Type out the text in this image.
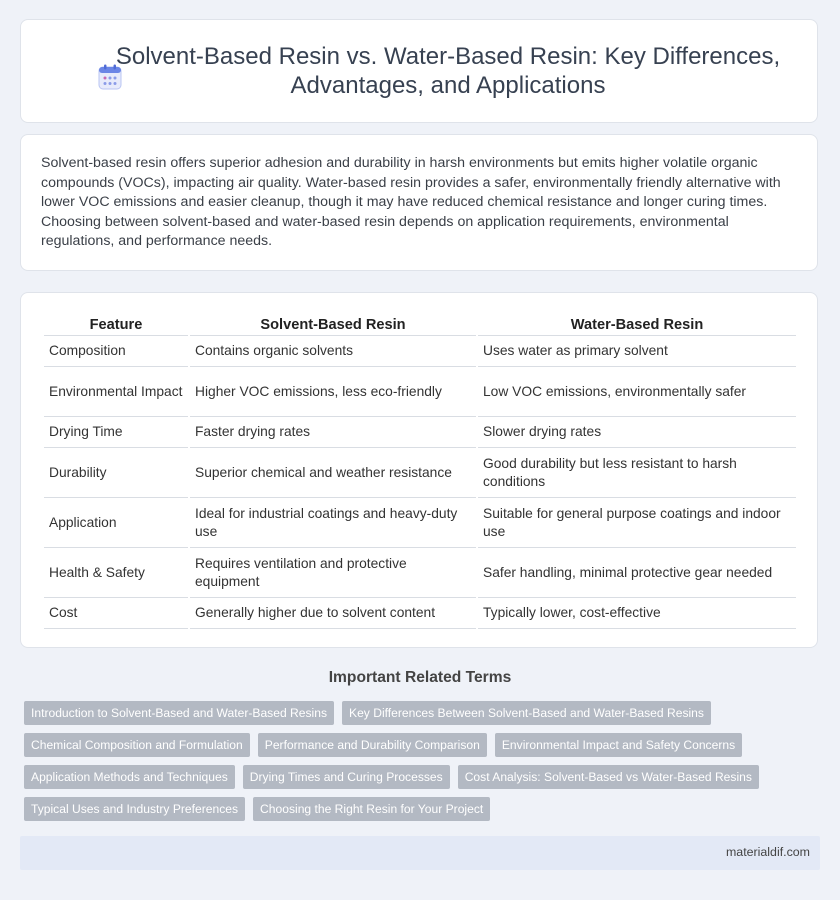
Solvent-Based Resin vs. Water-Based Resin: Key Differences, Advantages, and Applications

Solvent-based resin offers superior adhesion and durability in harsh environments but emits higher volatile organic compounds (VOCs), impacting air quality. Water-based resin provides a safer, environmentally friendly alternative with lower VOC emissions and easier cleanup, though it may have reduced chemical resistance and longer curing times. Choosing between solvent-based and water-based resin depends on application requirements, environmental regulations, and performance needs.

Feature	Solvent-Based Resin	Water-Based Resin
Composition	Contains organic solvents	Uses water as primary solvent
Environmental Impact	Higher VOC emissions, less eco-friendly	Low VOC emissions, environmentally safer
Drying Time	Faster drying rates	Slower drying rates
Durability	Superior chemical and weather resistance	Good durability but less resistant to harsh conditions
Application	Ideal for industrial coatings and heavy-duty use	Suitable for general purpose coatings and indoor use
Health & Safety	Requires ventilation and protective equipment	Safer handling, minimal protective gear needed
Cost	Generally higher due to solvent content	Typically lower, cost-effective
Important Related Terms
Introduction to Solvent-Based and Water-Based Resins	Key Differences Between Solvent-Based and Water-Based Resins
Chemical Composition and Formulation	Performance and Durability Comparison	Environmental Impact and Safety Concerns
Application Methods and Techniques	Drying Times and Curing Processes	Cost Analysis: Solvent-Based vs Water-Based Resins
Typical Uses and Industry Preferences	Choosing the Right Resin for Your Project
materialdif.com
